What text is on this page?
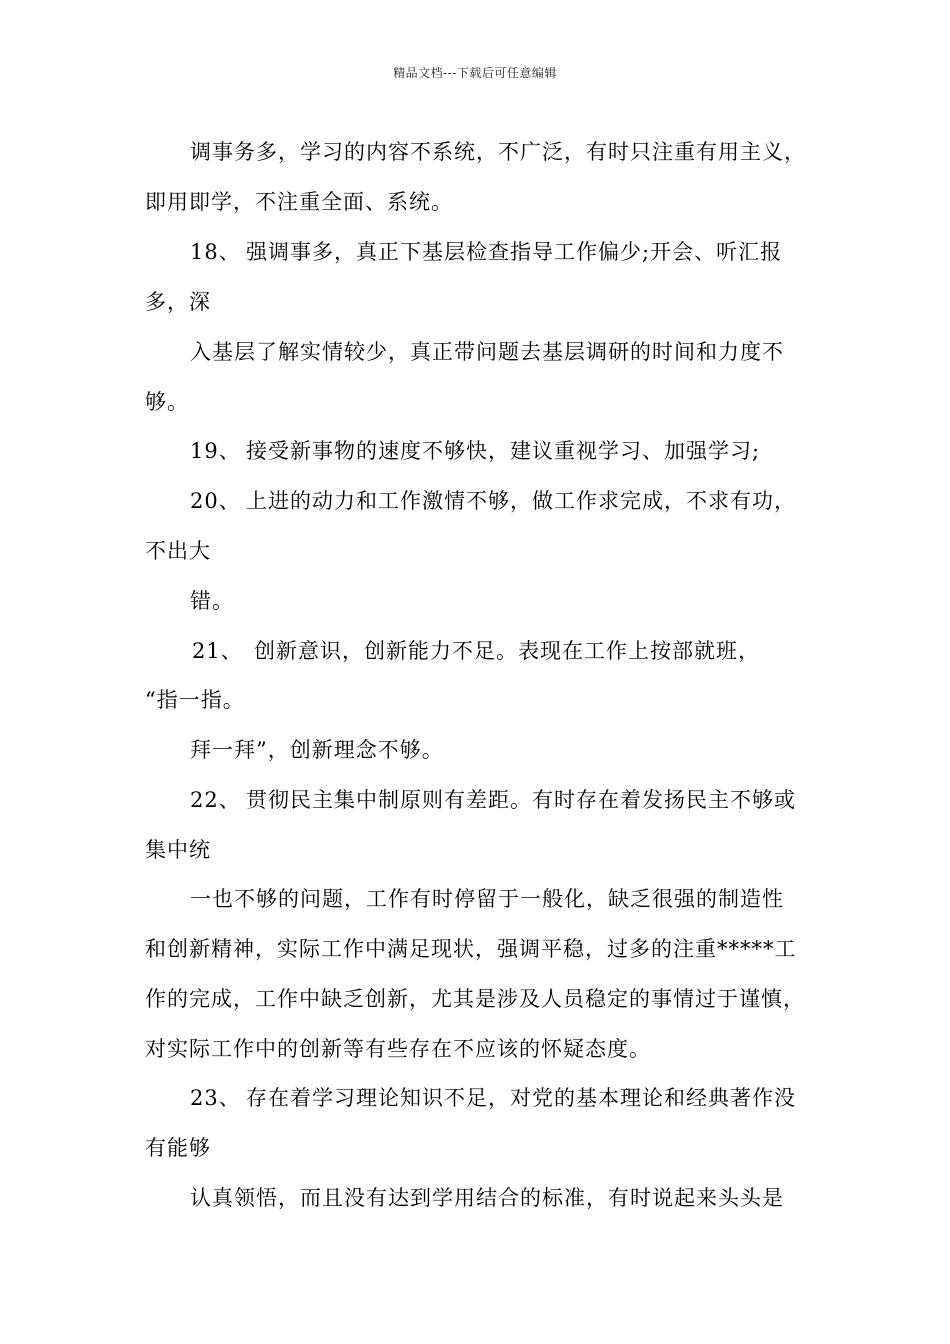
精品文档---下载后可任意编辑
调事务多，学习的内容不系统，不广泛，有时只注重有用主义，
即用即学，不注重全面、系统。
18、 强调事多，真正下基层检查指导工作偏少;开会、听汇报
多，深
入基层了解实情较少，真正带问题去基层调研的时间和力度不
够。
19、 接受新事物的速度不够快，建议重视学习、加强学习;
20、 上进的动力和工作激情不够，做工作求完成，不求有功，
不出大
错。
21、 创新意识，创新能力不足。表现在工作上按部就班，
“指一指。
拜一拜”，创新理念不够。
22、 贯彻民主集中制原则有差距。有时存在着发扬民主不够或
集中统
一也不够的问题，工作有时停留于一般化，缺乏很强的制造性
和创新精神，实际工作中满足现状，强调平稳，过多的注重*****工
作的完成，工作中缺乏创新，尤其是涉及人员稳定的事情过于谨慎，
对实际工作中的创新等有些存在不应该的怀疑态度。
23、 存在着学习理论知识不足，对党的基本理论和经典著作没
有能够
认真领悟，而且没有达到学用结合的标准，有时说起来头头是
